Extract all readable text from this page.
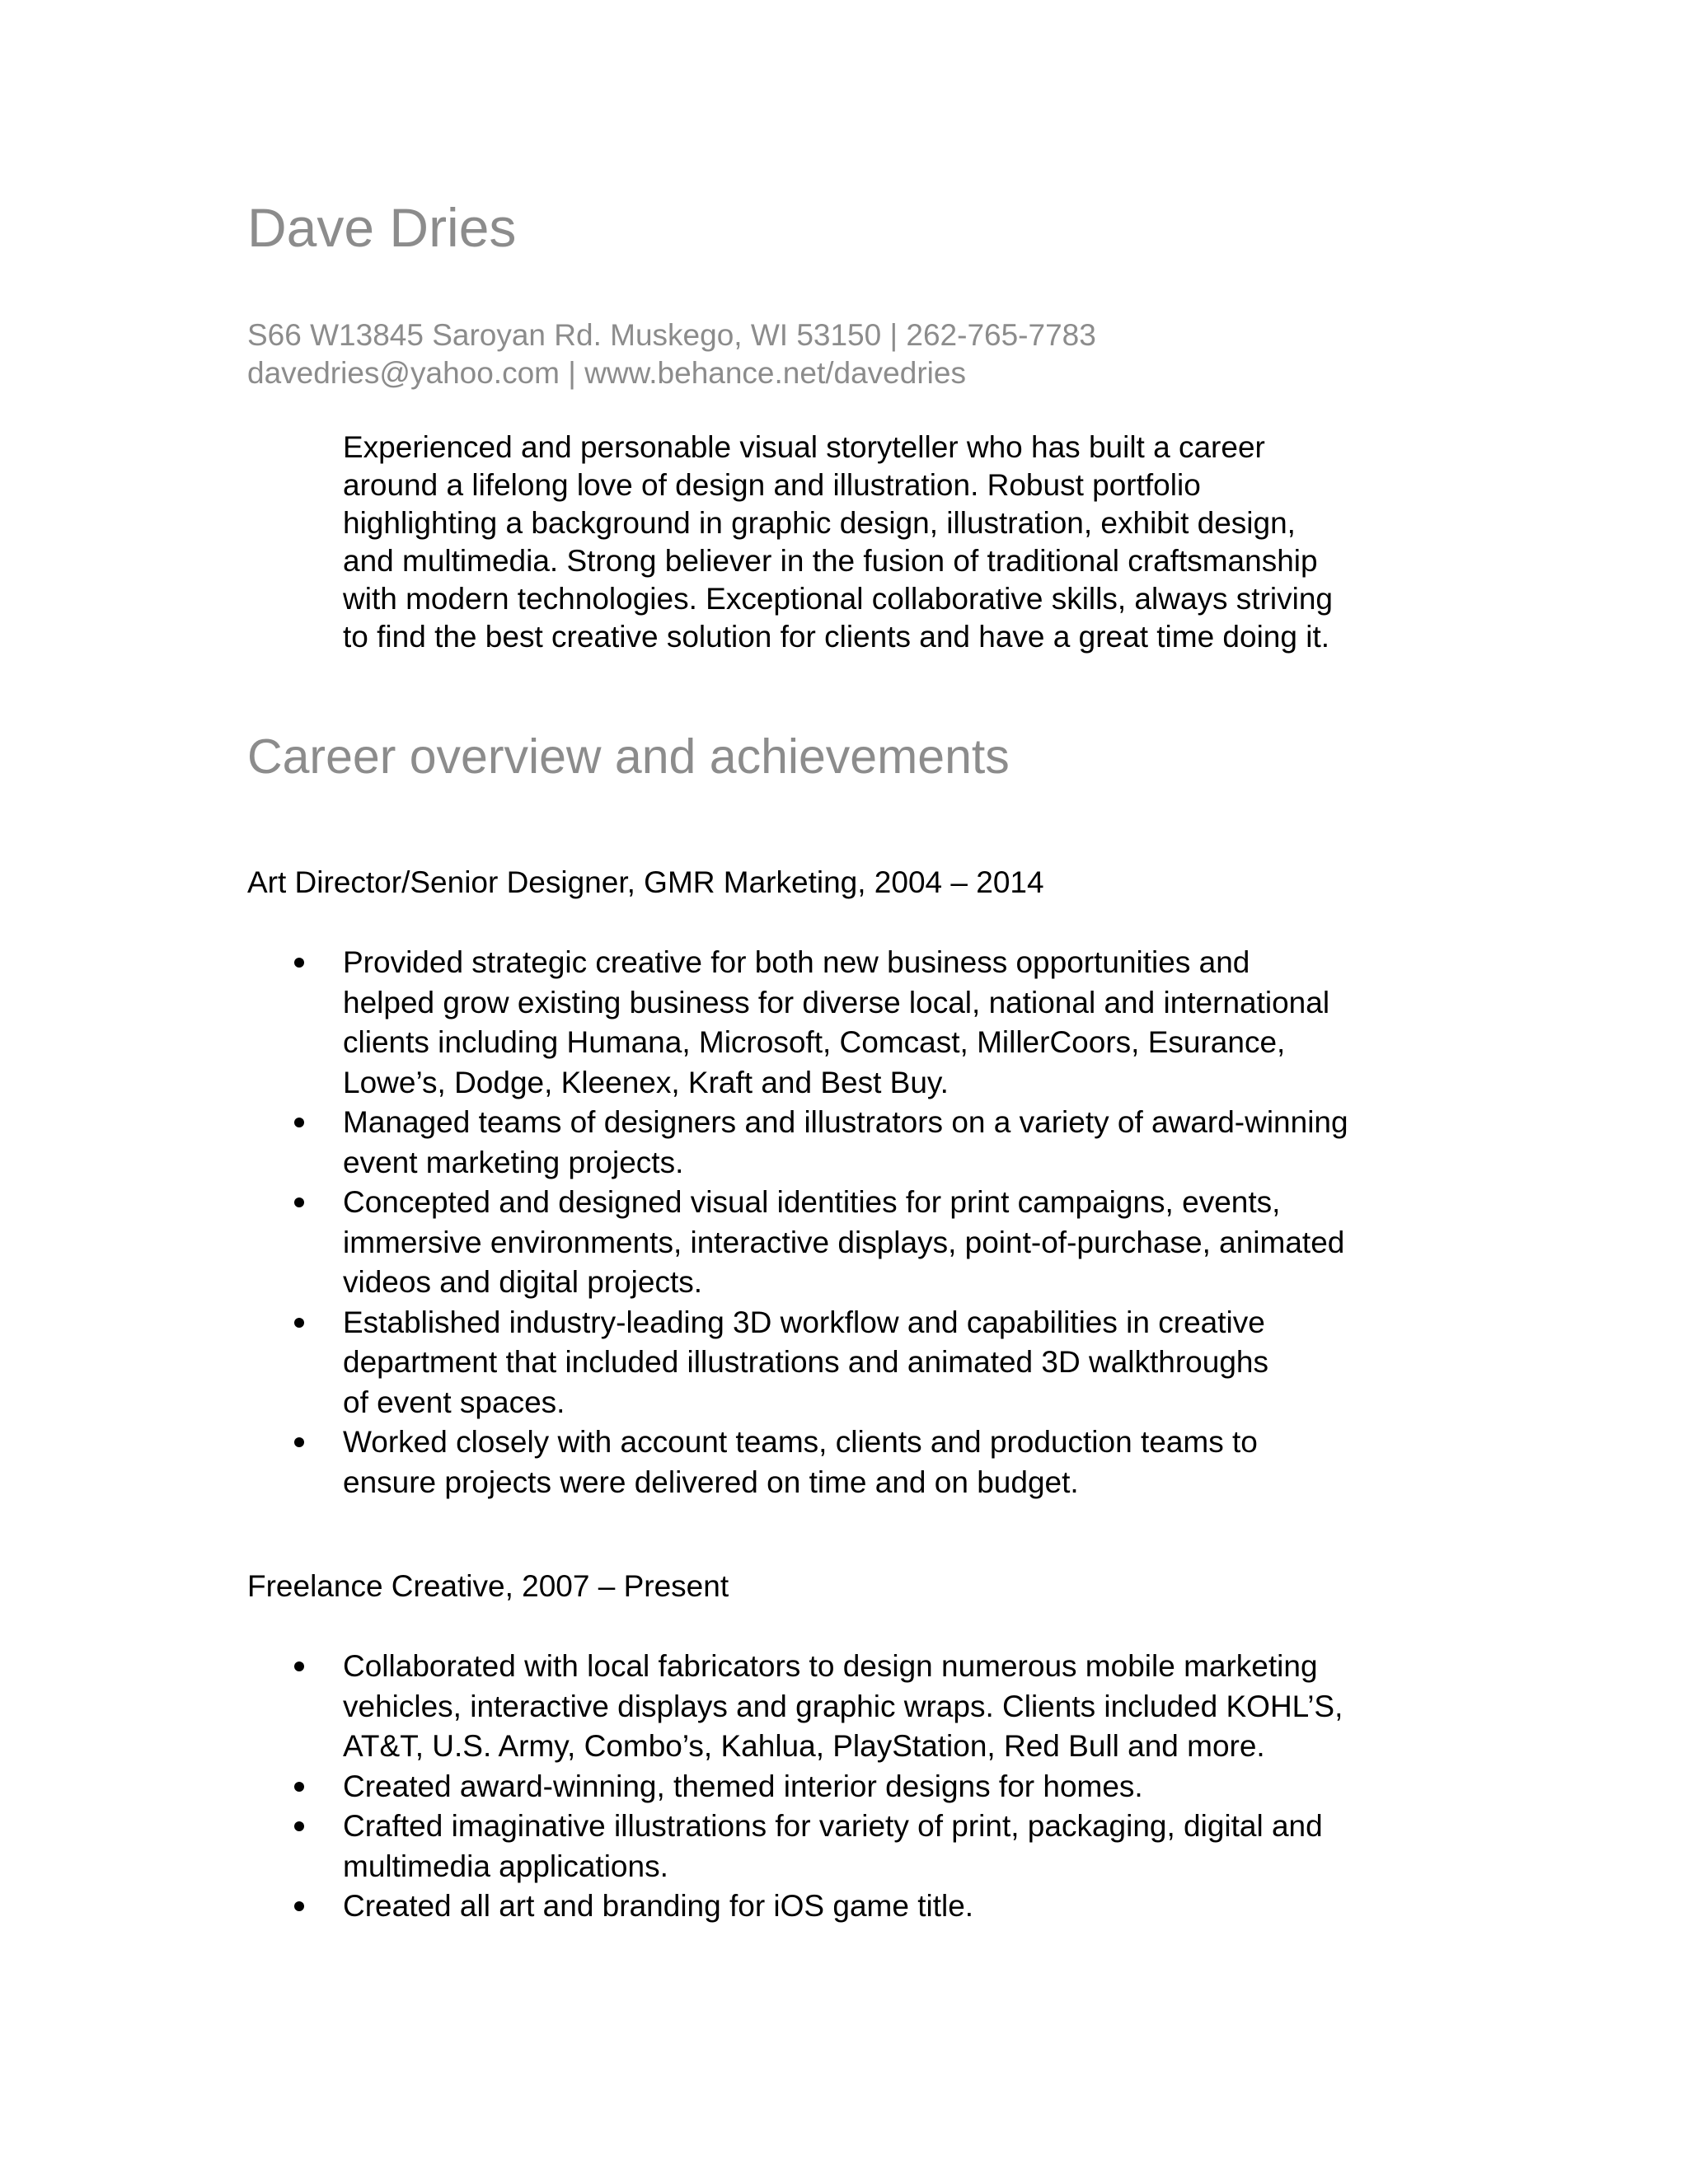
Dave Dries
S66 W13845 Saroyan Rd. Muskego, WI 53150 | 262-765-7783
davedries@yahoo.com | www.behance.net/davedries

Experienced and personable visual storyteller who has built a career
around a lifelong love of design and illustration. Robust portfolio
highlighting a background in graphic design, illustration, exhibit design,
and multimedia. Strong believer in the fusion of traditional craftsmanship
with modern technologies. Exceptional collaborative skills, always striving
to find the best creative solution for clients and have a great time doing it.

Career overview and achievements
Art Director/Senior Designer, GMR Marketing, 2004 – 2014
Provided strategic creative for both new business opportunities and
helped grow existing business for diverse local, national and international
clients including Humana, Microsoft, Comcast, MillerCoors, Esurance,
Lowe’s, Dodge, Kleenex, Kraft and Best Buy.
Managed teams of designers and illustrators on a variety of award-winning
event marketing projects.
Concepted and designed visual identities for print campaigns, events,
immersive environments, interactive displays, point-of-purchase, animated
videos and digital projects.
Established industry-leading 3D workflow and capabilities in creative
department that included illustrations and animated 3D walkthroughs
of event spaces.
Worked closely with account teams, clients and production teams to
ensure projects were delivered on time and on budget.
Freelance Creative, 2007 – Present
Collaborated with local fabricators to design numerous mobile marketing
vehicles, interactive displays and graphic wraps. Clients included KOHL’S,
AT&T, U.S. Army, Combo’s, Kahlua, PlayStation, Red Bull and more.
Created award-winning, themed interior designs for homes.
Crafted imaginative illustrations for variety of print, packaging, digital and
multimedia applications.
Created all art and branding for iOS game title.
